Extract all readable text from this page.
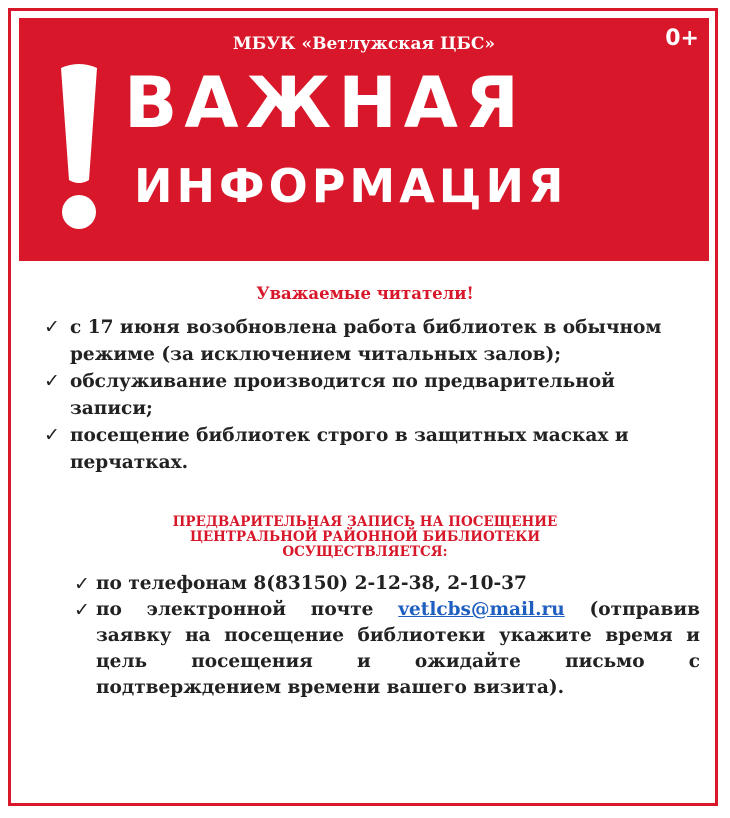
МБУК «Ветлужская ЦБС»	0+
ВАЖНАЯ
ИНФОРМАЦИЯ
Уважаемые читатели!
✓ с 17 июня возобновлена работа библиотек в обычном режиме (за исключением читальных залов);
✓ обслуживание производится по предварительной записи;
✓ посещение библиотек строго в защитных масках и перчатках.
ПРЕДВАРИТЕЛЬНАЯ ЗАПИСЬ НА ПОСЕЩЕНИЕ ЦЕНТРАЛЬНОЙ РАЙОННОЙ БИБЛИОТЕКИ ОСУЩЕСТВЛЯЕТСЯ:
✓ по телефонам 8(83150) 2-12-38, 2-10-37
✓ по электронной почте vetlcbs@mail.ru (отправив заявку на посещение библиотеки укажите время и цель посещения и ожидайте письмо с подтверждением времени вашего визита).
